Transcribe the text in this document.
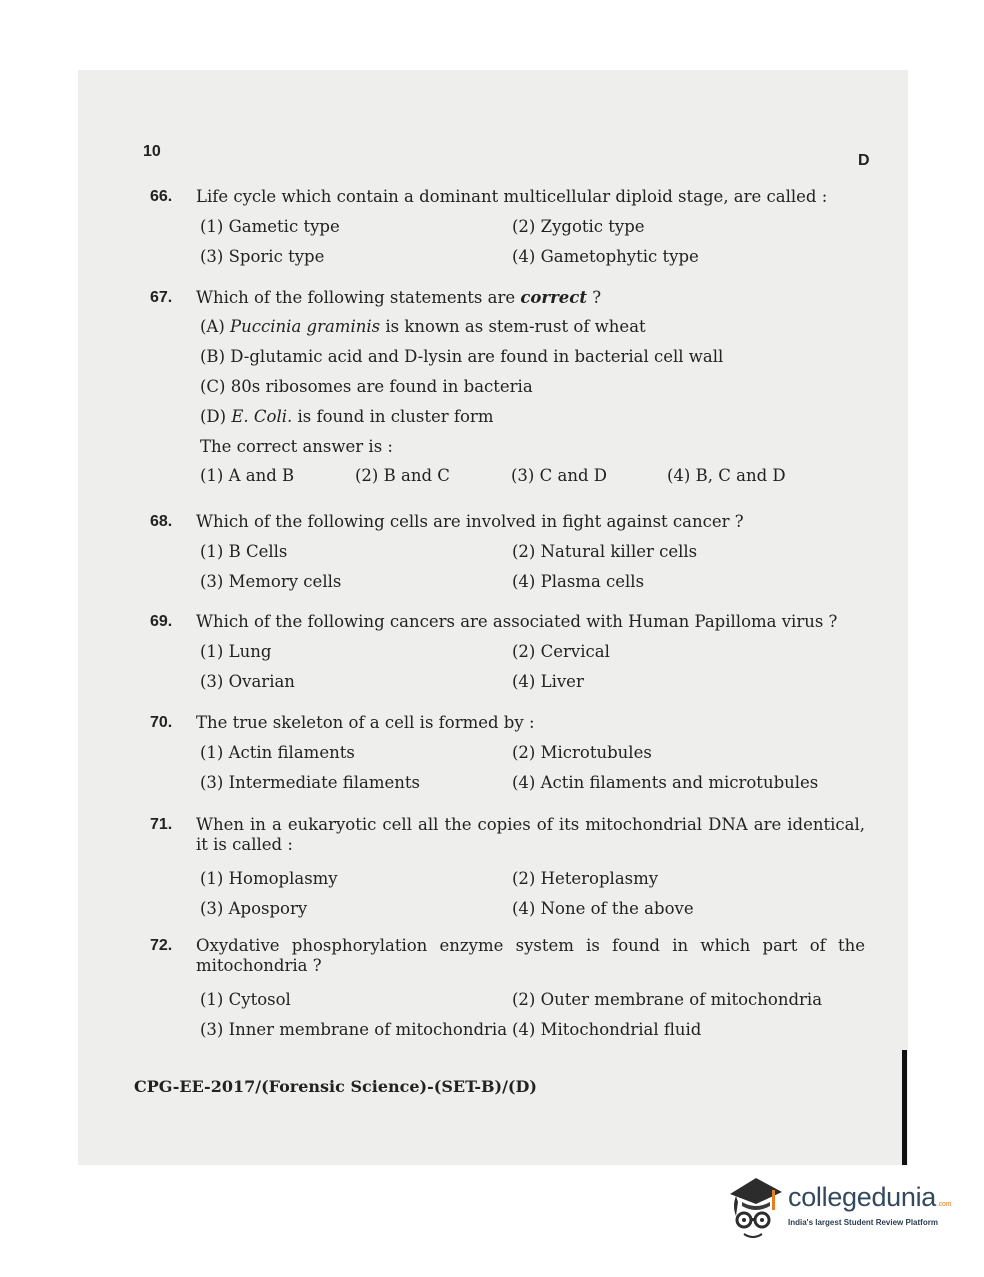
10
D
66.	Life cycle which contain a dominant multicellular diploid stage, are called :
(1) Gametic type	(2) Zygotic type
(3) Sporic type	(4) Gametophytic type
67.	Which of the following statements are correct ?
(A) Puccinia graminis is known as stem-rust of wheat
(B) D-glutamic acid and D-lysin are found in bacterial cell wall
(C) 80s ribosomes are found in bacteria
(D) E. Coli. is found in cluster form
The correct answer is :
(1) A and B	(2) B and C	(3) C and D	(4) B, C and D
68.	Which of the following cells are involved in fight against cancer ?
(1) B Cells	(2) Natural killer cells
(3) Memory cells	(4) Plasma cells
69.	Which of the following cancers are associated with Human Papilloma virus ?
(1) Lung	(2) Cervical
(3) Ovarian	(4) Liver
70.	The true skeleton of a cell is formed by :
(1) Actin filaments	(2) Microtubules
(3) Intermediate filaments	(4) Actin filaments and microtubules
71.	When in a eukaryotic cell all the copies of its mitochondrial DNA are identical, it is called :
(1) Homoplasmy	(2) Heteroplasmy
(3) Apospory	(4) None of the above
72.	Oxydative phosphorylation enzyme system is found in which part of the mitochondria ?
(1) Cytosol	(2) Outer membrane of mitochondria
(3) Inner membrane of mitochondria (4) Mitochondrial fluid
CPG-EE-2017/(Forensic Science)-(SET-B)/(D)
collegedunia.com
India's largest Student Review Platform
